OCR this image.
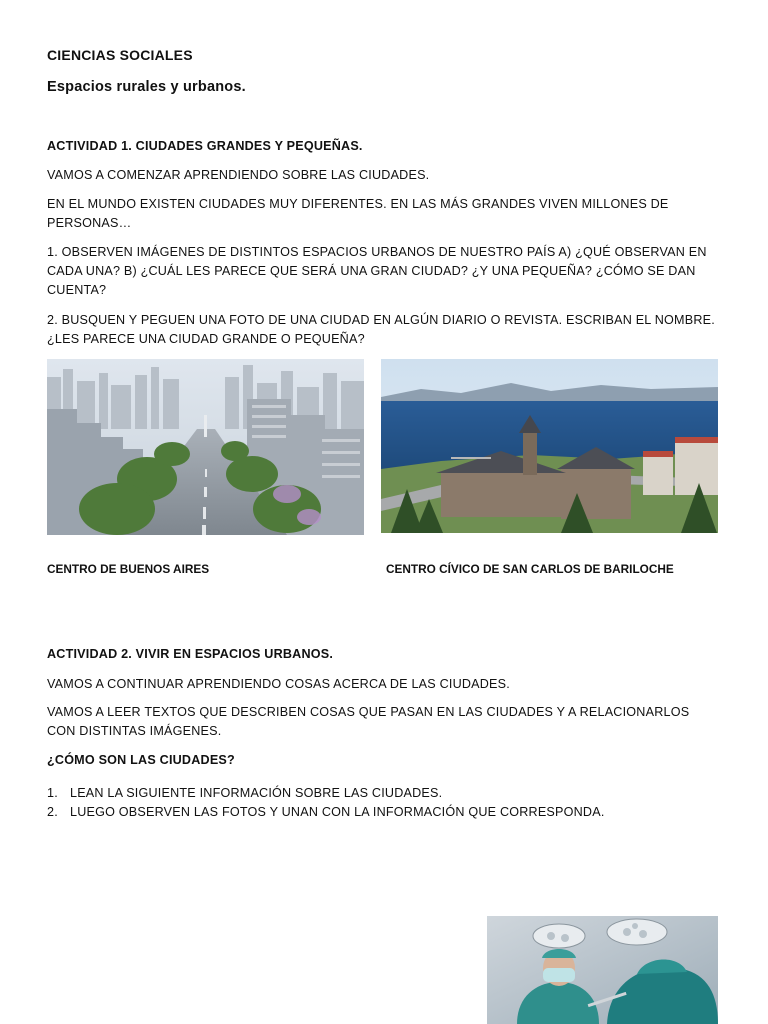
CIENCIAS SOCIALES

Espacios rurales y urbanos.

ACTIVIDAD 1. CIUDADES GRANDES Y PEQUEÑAS.

VAMOS A COMENZAR APRENDIENDO SOBRE LAS CIUDADES.

EN EL MUNDO EXISTEN CIUDADES MUY DIFERENTES. EN LAS MÁS GRANDES VIVEN MILLONES DE PERSONAS…

1. OBSERVEN IMÁGENES DE DISTINTOS ESPACIOS URBANOS DE NUESTRO PAÍS A) ¿QUÉ OBSERVAN EN CADA UNA? B) ¿CUÁL LES PARECE QUE SERÁ UNA GRAN CIUDAD? ¿Y UNA PEQUEÑA? ¿CÓMO SE DAN CUENTA?

2. BUSQUEN Y PEGUEN UNA FOTO DE UNA CIUDAD EN ALGÚN DIARIO O REVISTA. ESCRIBAN EL NOMBRE. ¿LES PARECE UNA CIUDAD GRANDE O PEQUEÑA?

CENTRO DE BUENOS AIRES	CENTRO CÍVICO DE SAN CARLOS DE BARILOCHE

ACTIVIDAD 2. VIVIR EN ESPACIOS URBANOS.

VAMOS A CONTINUAR APRENDIENDO COSAS ACERCA DE LAS CIUDADES.

VAMOS A LEER TEXTOS QUE DESCRIBEN COSAS QUE PASAN EN LAS CIUDADES Y A RELACIONARLOS CON DISTINTAS IMÁGENES.

¿CÓMO SON LAS CIUDADES?

1. LEAN LA SIGUIENTE INFORMACIÓN SOBRE LAS CIUDADES.
2. LUEGO OBSERVEN LAS FOTOS Y UNAN CON LA INFORMACIÓN QUE CORRESPONDA.
